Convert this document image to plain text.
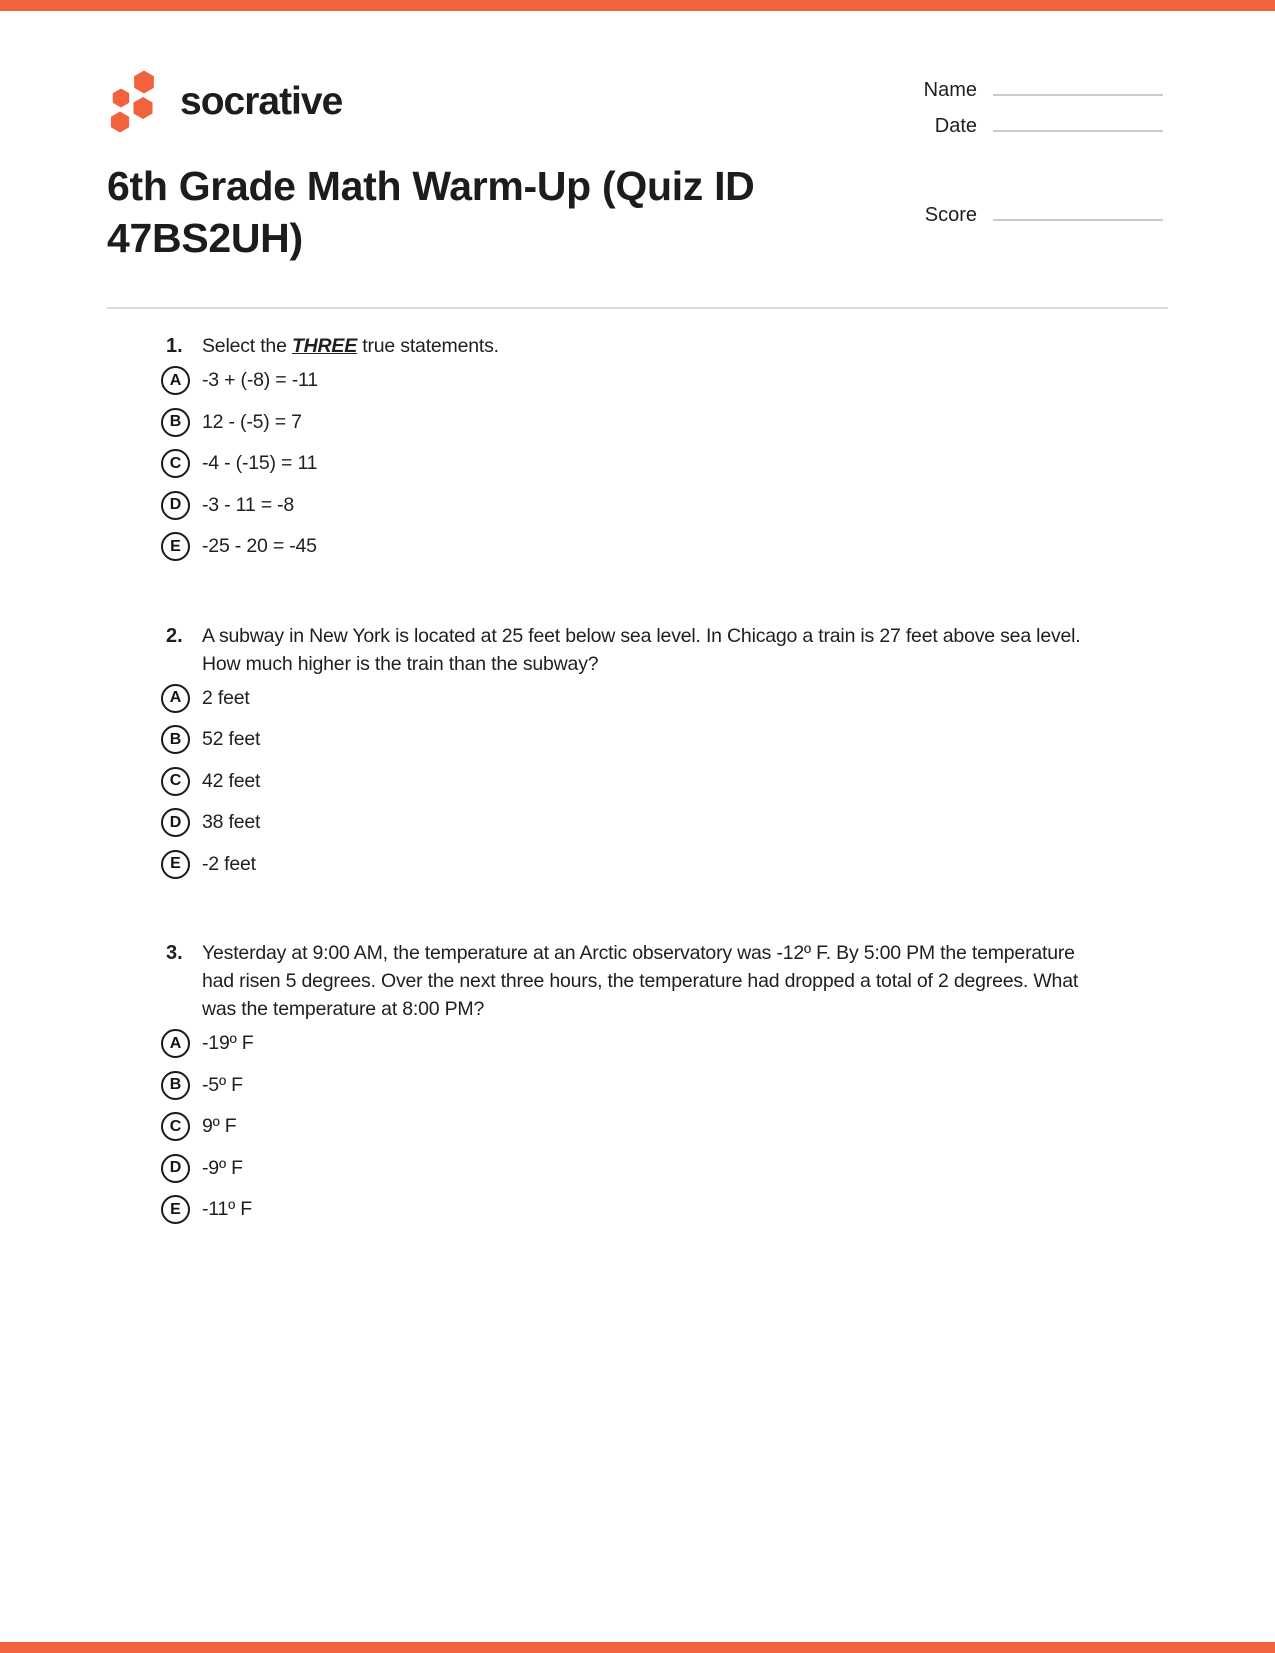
socrative	Name
Date
6th Grade Math Warm-Up (Quiz ID 47BS2UH)	Score
1. Select the THREE true statements.
A	-3 + (-8) = -11
B	12 - (-5) = 7
C	-4 - (-15) = 11
D	-3 - 11 = -8
E	-25 - 20 = -45
2. A subway in New York is located at 25 feet below sea level. In Chicago a train is 27 feet above sea level. How much higher is the train than the subway?
A	2 feet
B	52 feet
C	42 feet
D	38 feet
E	-2 feet
3. Yesterday at 9:00 AM, the temperature at an Arctic observatory was -12º F. By 5:00 PM the temperature had risen 5 degrees. Over the next three hours, the temperature had dropped a total of 2 degrees. What was the temperature at 8:00 PM?
A	-19º F
B	-5º F
C	9º F
D	-9º F
E	-11º F
